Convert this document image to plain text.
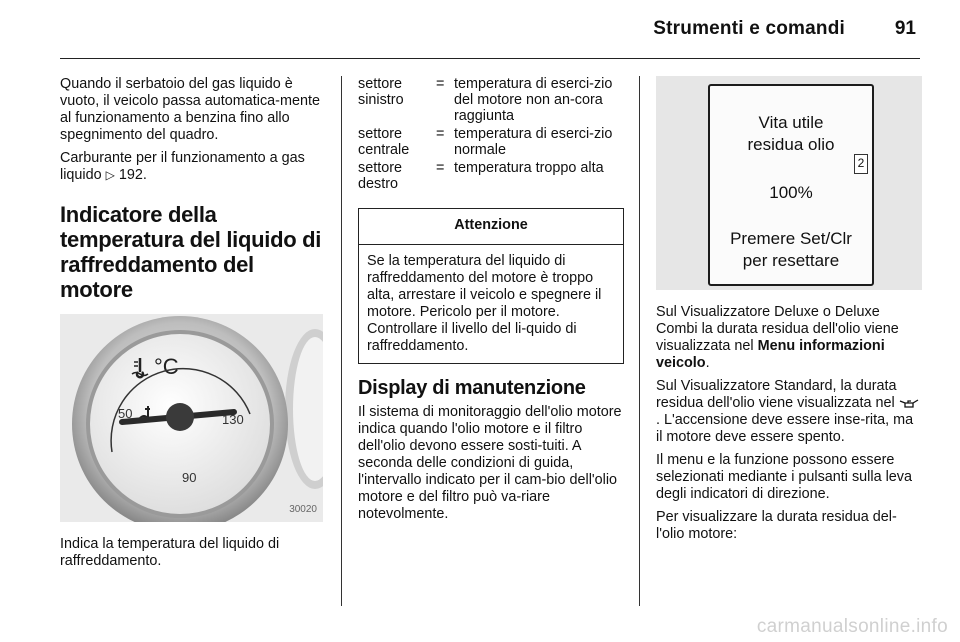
Strumenti e comandi	91

Quando il serbatoio del gas liquido è vuoto, il veicolo passa automatica-mente al funzionamento a benzina fino allo spegnimento del quadro.

Carburante per il funzionamento a gas liquido ▷ 192.

Indicatore della temperatura del liquido di raffreddamento del motore
°C
50
90
130
30020

Indica la temperatura del liquido di raffreddamento.

settore sinistro	=	temperatura di eserci-zio del motore non an-cora raggiunta
settore centrale	=	temperatura di eserci-zio normale
settore destro	=	temperatura troppo alta
Attenzione
Se la temperatura del liquido di raffreddamento del motore è troppo alta, arrestare il veicolo e spegnere il motore. Pericolo per il motore. Controllare il livello del li-quido di raffreddamento.
Display di manutenzione

Il sistema di monitoraggio dell'olio motore indica quando l'olio motore e il filtro dell'olio devono essere sosti-tuiti. A seconda delle condizioni di guida, l'intervallo indicato per il cam-bio dell'olio motore e del filtro può va-riare notevolmente.

Vita utile
residua olio
100%
Premere Set/Clr
per resettare
2

Sul Visualizzatore Deluxe o Deluxe Combi la durata residua dell'olio viene visualizzata nel Menu informazioni veicolo.

Sul Visualizzatore Standard, la durata residua dell'olio viene visualizzata nel  . L'accensione deve essere inse-rita, ma il motore deve essere spento.

Il menu e la funzione possono essere selezionati mediante i pulsanti sulla leva degli indicatori di direzione.

Per visualizzare la durata residua del-l'olio motore:

carmanualsonline.info
